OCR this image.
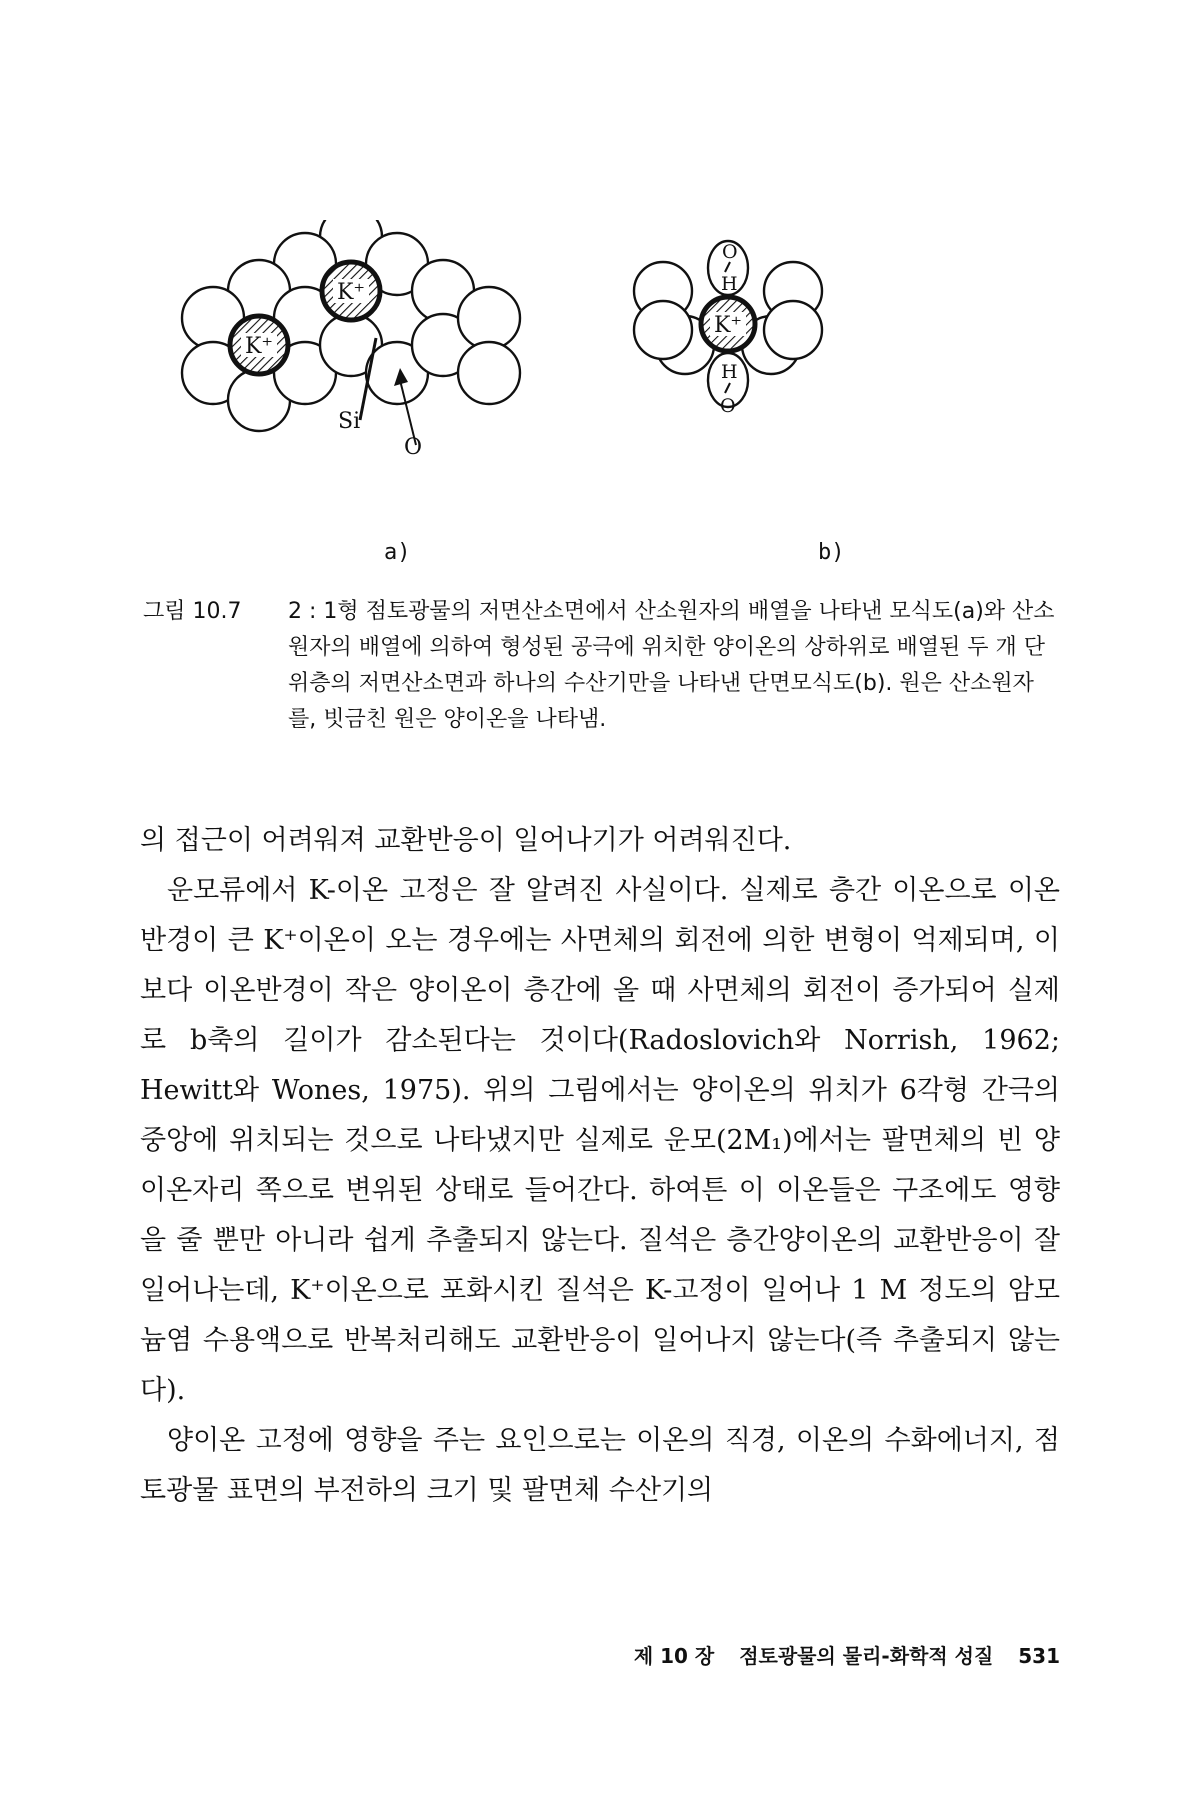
K⁺
K⁺
Si
O
K⁺
O
H
H
O
a)	b)
그림 10.7	2 : 1형 점토광물의 저면산소면에서 산소원자의 배열을 나타낸 모식도(a)와 산소원자의 배열에 의하여 형성된 공극에 위치한 양이온의 상하위로 배열된 두 개 단위층의 저면산소면과 하나의 수산기만을 나타낸 단면모식도(b). 원은 산소원자를, 빗금친 원은 양이온을 나타냄.

의 접근이 어려워져 교환반응이 일어나기가 어려워진다.

운모류에서 K-이온 고정은 잘 알려진 사실이다. 실제로 층간 이온으로 이온반경이 큰 K⁺이온이 오는 경우에는 사면체의 회전에 의한 변형이 억제되며, 이보다 이온반경이 작은 양이온이 층간에 올 때 사면체의 회전이 증가되어 실제로 b축의 길이가 감소된다는 것이다(Radoslovich와 Norrish, 1962; Hewitt와 Wones, 1975). 위의 그림에서는 양이온의 위치가 6각형 간극의 중앙에 위치되는 것으로 나타냈지만 실제로 운모(2M₁)에서는 팔면체의 빈 양이온자리 쪽으로 변위된 상태로 들어간다. 하여튼 이 이온들은 구조에도 영향을 줄 뿐만 아니라 쉽게 추출되지 않는다. 질석은 층간양이온의 교환반응이 잘 일어나는데, K⁺이온으로 포화시킨 질석은 K-고정이 일어나 1 M 정도의 암모늄염 수용액으로 반복처리해도 교환반응이 일어나지 않는다(즉 추출되지 않는다).

양이온 고정에 영향을 주는 요인으로는 이온의 직경, 이온의 수화에너지, 점토광물 표면의 부전하의 크기 및 팔면체 수산기의

제 10 장 점토광물의 물리-화학적 성질 531
